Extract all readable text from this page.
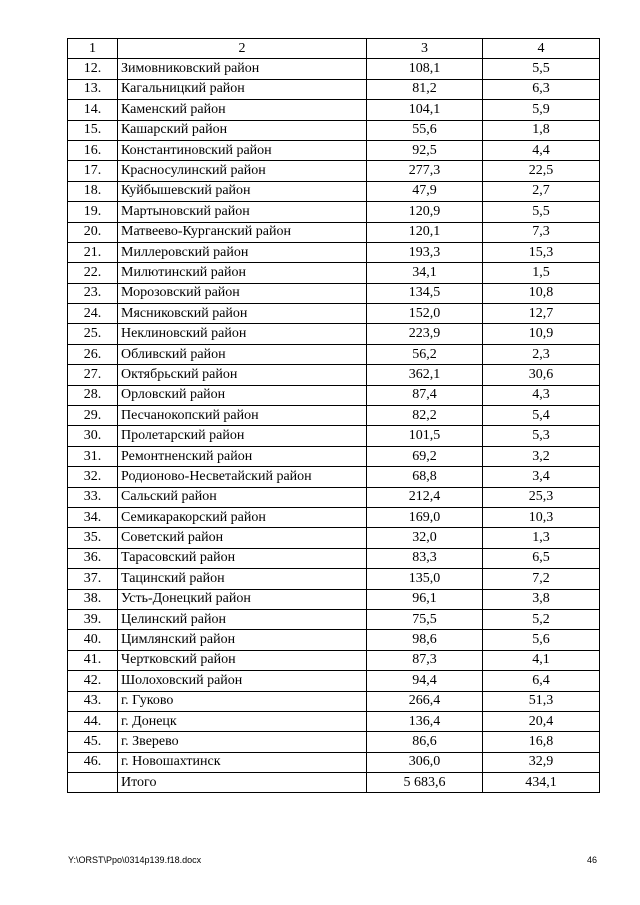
1	2	3	4
12.	Зимовниковский район	108,1	5,5
13.	Кагальницкий район	81,2	6,3
14.	Каменский район	104,1	5,9
15.	Кашарский район	55,6	1,8
16.	Константиновский район	92,5	4,4
17.	Красносулинский район	277,3	22,5
18.	Куйбышевский район	47,9	2,7
19.	Мартыновский район	120,9	5,5
20.	Матвеево-Курганский район	120,1	7,3
21.	Миллеровский район	193,3	15,3
22.	Милютинский район	34,1	1,5
23.	Морозовский район	134,5	10,8
24.	Мясниковский район	152,0	12,7
25.	Неклиновский район	223,9	10,9
26.	Обливский район	56,2	2,3
27.	Октябрьский район	362,1	30,6
28.	Орловский район	87,4	4,3
29.	Песчанокопский район	82,2	5,4
30.	Пролетарский район	101,5	5,3
31.	Ремонтненский район	69,2	3,2
32.	Родионово-Несветайский район	68,8	3,4
33.	Сальский район	212,4	25,3
34.	Семикаракорский район	169,0	10,3
35.	Советский район	32,0	1,3
36.	Тарасовский район	83,3	6,5
37.	Тацинский район	135,0	7,2
38.	Усть-Донецкий район	96,1	3,8
39.	Целинский район	75,5	5,2
40.	Цимлянский район	98,6	5,6
41.	Чертковский район	87,3	4,1
42.	Шолоховский район	94,4	6,4
43.	г. Гуково	266,4	51,3
44.	г. Донецк	136,4	20,4
45.	г. Зверево	86,6	16,8
46.	г. Новошахтинск	306,0	32,9
	Итого	5 683,6	434,1
Y:\ORST\Ppo\0314p139.f18.docx	46
